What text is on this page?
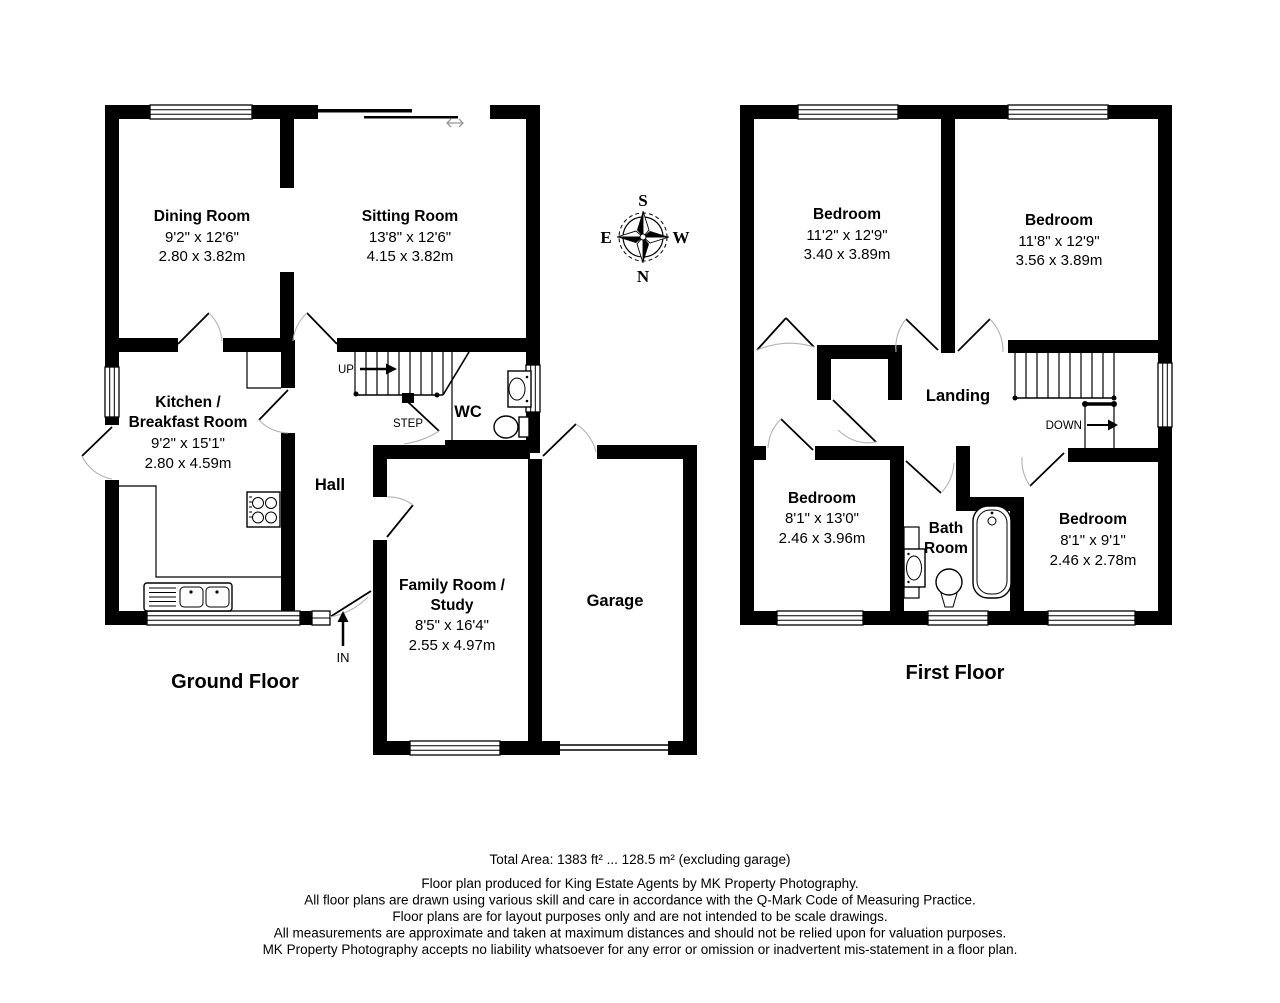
Dining Room
9'2" x 12'6"
2.80 x 3.82m
Sitting Room
13'8" x 12'6"
4.15 x 3.82m
Kitchen /
Breakfast Room
9'2" x 15'1"
2.80 x 4.59m
Hall
WC
Family Room /
Study
8'5" x 16'4"
2.55 x 4.97m
Garage
UP
STEP
IN
Ground Floor
S
N
E	W
Bedroom
11'2" x 12'9"
3.40 x 3.89m
Bedroom
11'8" x 12'9"
3.56 x 3.89m
Bedroom
8'1" x 13'0"
2.46 x 3.96m
Bedroom
8'1" x 9'1"
2.46 x 2.78m
Bath
Room
Landing
DOWN
First Floor
Total Area: 1383 ft² ... 128.5 m² (excluding garage)
Floor plan produced for King Estate Agents by MK Property Photography.
All floor plans are drawn using various skill and care in accordance with the Q-Mark Code of Measuring Practice.
Floor plans are for layout purposes only and are not intended to be scale drawings.
All measurements are approximate and taken at maximum distances and should not be relied upon for valuation purposes.
MK Property Photography accepts no liability whatsoever for any error or omission or inadvertent mis-statement in a floor plan.
